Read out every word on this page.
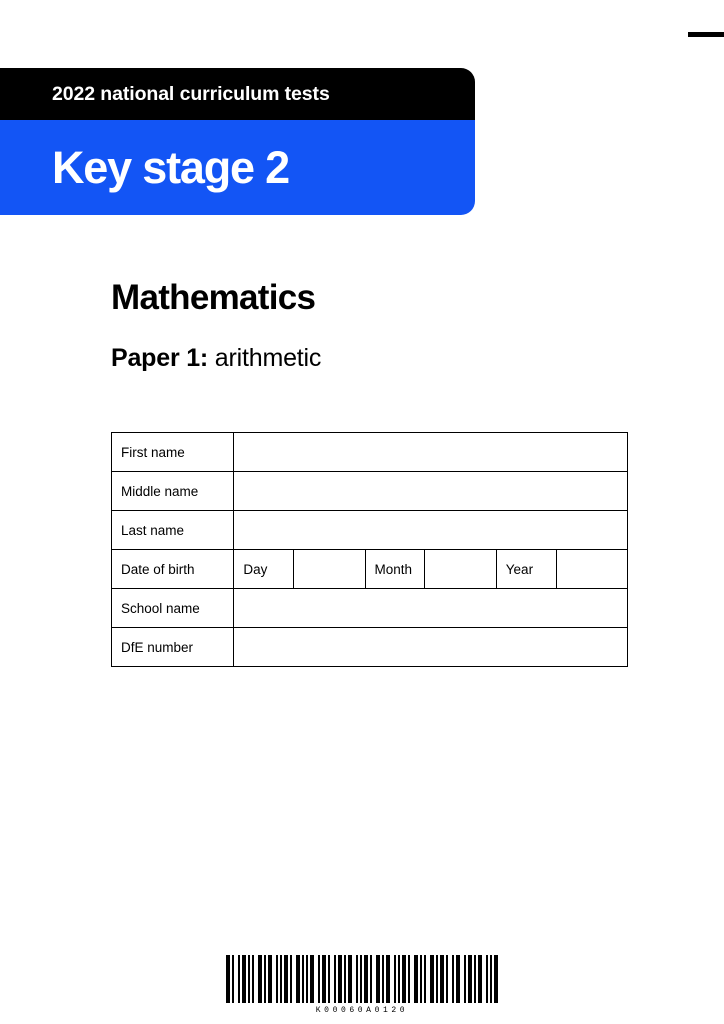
2022 national curriculum tests
Key stage 2
Mathematics
Paper 1: arithmetic
First name						
Middle name						
Last name						
Date of birth	Day		Month		Year	
School name						
DfE number						
K00060A0120
